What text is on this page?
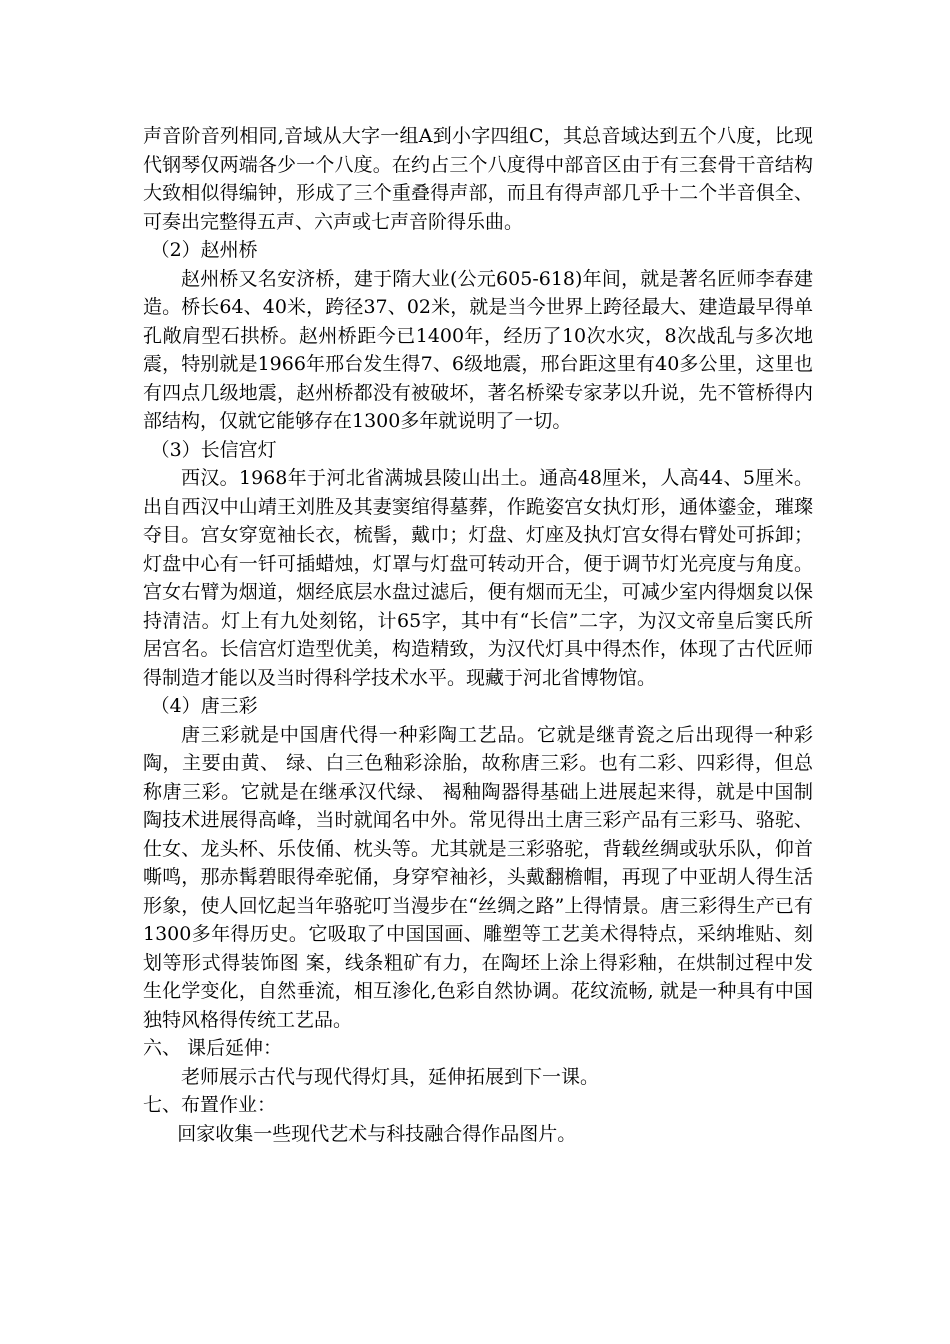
声音阶音列相同,音域从大字一组A到小字四组C，其总音域达到五个八度，比现代钢琴仅两端各少一个八度。在约占三个八度得中部音区由于有三套骨干音结构大致相似得编钟，形成了三个重叠得声部，而且有得声部几乎十二个半音俱全、可奏出完整得五声、六声或七声音阶得乐曲。

（2）赵州桥

赵州桥又名安济桥，建于隋大业(公元605-618)年间，就是著名匠师李春建造。桥长64、40米，跨径37、02米，就是当今世界上跨径最大、建造最早得单孔敞肩型石拱桥。赵州桥距今已1400年，经历了10次水灾，8次战乱与多次地震，特别就是1966年邢台发生得7、6级地震，邢台距这里有40多公里，这里也有四点几级地震，赵州桥都没有被破坏，著名桥梁专家茅以升说，先不管桥得内部结构，仅就它能够存在1300多年就说明了一切。

（3）长信宫灯

西汉。1968年于河北省满城县陵山出土。通高48厘米，人高44、5厘米。出自西汉中山靖王刘胜及其妻窦绾得墓葬，作跪姿宫女执灯形，通体鎏金，璀璨夺目。宫女穿宽袖长衣，梳髻，戴巾；灯盘、灯座及执灯宫女得右臂处可拆卸；灯盘中心有一钎可插蜡烛，灯罩与灯盘可转动开合，便于调节灯光亮度与角度。宫女右臂为烟道，烟经底层水盘过滤后，便有烟而无尘，可减少室内得烟炱以保持清洁。灯上有九处刻铭，计65字，其中有“长信”二字，为汉文帝皇后窦氏所居宫名。长信宫灯造型优美，构造精致，为汉代灯具中得杰作，体现了古代匠师得制造才能以及当时得科学技术水平。现藏于河北省博物馆。

（4）唐三彩

唐三彩就是中国唐代得一种彩陶工艺品。它就是继青瓷之后出现得一种彩陶，主要由黄、 绿、白三色釉彩涂胎，故称唐三彩。也有二彩、四彩得，但总称唐三彩。它就是在继承汉代绿、 褐釉陶器得基础上进展起来得，就是中国制陶技术进展得高峰，当时就闻名中外。常见得出土唐三彩产品有三彩马、骆驼、仕女、龙头杯、乐伎俑、枕头等。尤其就是三彩骆驼，背载丝绸或驮乐队，仰首嘶鸣，那赤髯碧眼得牵驼俑，身穿窄袖衫，头戴翻檐帽，再现了中亚胡人得生活形象，使人回忆起当年骆驼叮当漫步在“丝绸之路”上得情景。唐三彩得生产已有1300多年得历史。它吸取了中国国画、雕塑等工艺美术得特点，采纳堆贴、刻划等形式得装饰图 案，线条粗矿有力，在陶坯上涂上得彩釉，在烘制过程中发生化学变化，自然垂流，相互渗化,色彩自然协调。花纹流畅, 就是一种具有中国独特风格得传统工艺品。

六、 课后延伸：

老师展示古代与现代得灯具，延伸拓展到下一课。

七、布置作业：

回家收集一些现代艺术与科技融合得作品图片。
